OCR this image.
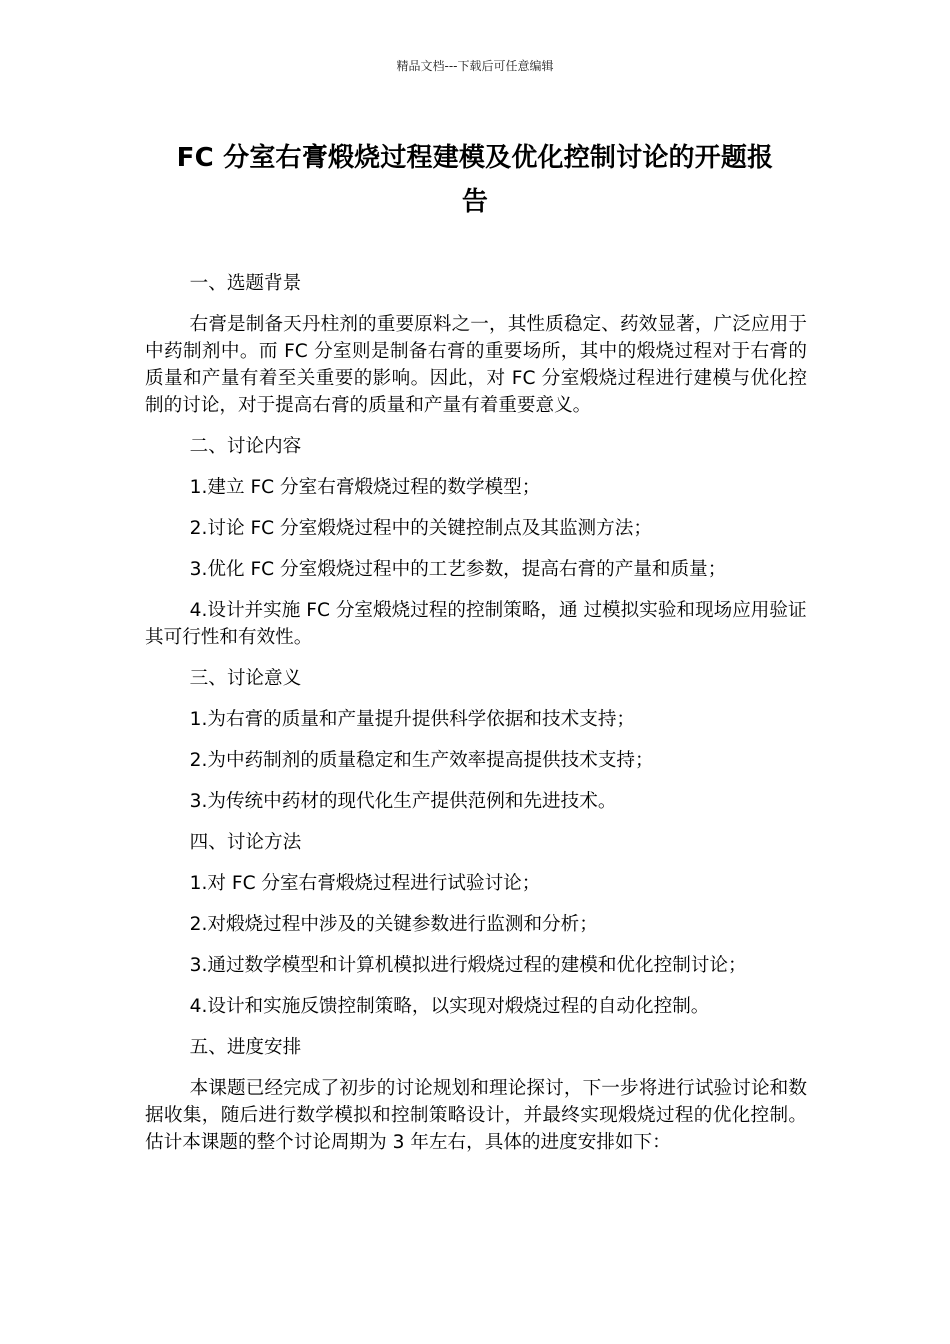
精品文档---下载后可任意编辑
FC 分室右膏煅烧过程建模及优化控制讨论的开题报
告
一、选题背景

右膏是制备天丹柱剂的重要原料之一，其性质稳定、药效显著，广泛应用于中药制剂中。而 FC 分室则是制备右膏的重要场所，其中的煅烧过程对于右膏的质量和产量有着至关重要的影响。因此，对 FC 分室煅烧过程进行建模与优化控制的讨论，对于提高右膏的质量和产量有着重要意义。

二、讨论内容

1.建立 FC 分室右膏煅烧过程的数学模型；

2.讨论 FC 分室煅烧过程中的关键控制点及其监测方法；

3.优化 FC 分室煅烧过程中的工艺参数，提高右膏的产量和质量；

4.设计并实施 FC 分室煅烧过程的控制策略，通 过模拟实验和现场应用验证其可行性和有效性。

三、讨论意义

1.为右膏的质量和产量提升提供科学依据和技术支持；

2.为中药制剂的质量稳定和生产效率提高提供技术支持；

3.为传统中药材的现代化生产提供范例和先进技术。

四、讨论方法

1.对 FC 分室右膏煅烧过程进行试验讨论；

2.对煅烧过程中涉及的关键参数进行监测和分析；

3.通过数学模型和计算机模拟进行煅烧过程的建模和优化控制讨论；

4.设计和实施反馈控制策略，以实现对煅烧过程的自动化控制。

五、进度安排

本课题已经完成了初步的讨论规划和理论探讨，下一步将进行试验讨论和数据收集，随后进行数学模拟和控制策略设计，并最终实现煅烧过程的优化控制。估计本课题的整个讨论周期为 3 年左右，具体的进度安排如下：
